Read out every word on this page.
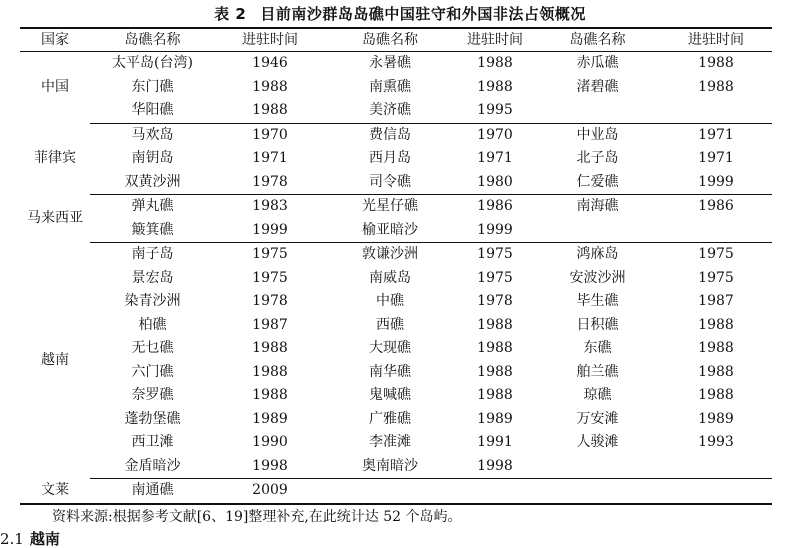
表 2 目前南沙群岛岛礁中国驻守和外国非法占领概况
国家	岛礁名称	进驻时间	岛礁名称	进驻时间	岛礁名称	进驻时间
中国	太平岛(台湾)	1946	永暑礁	1988	赤瓜礁	1988
	东门礁	1988	南熏礁	1988	渚碧礁	1988
	华阳礁	1988	美济礁	1995		
菲律宾	马欢岛	1970	费信岛	1970	中业岛	1971
	南钥岛	1971	西月岛	1971	北子岛	1971
	双黄沙洲	1978	司令礁	1980	仁爱礁	1999
马来西亚	弹丸礁	1983	光星仔礁	1986	南海礁	1986
	簸箕礁	1999	榆亚暗沙	1999		
越南	南子岛	1975	敦谦沙洲	1975	鸿庥岛	1975
	景宏岛	1975	南威岛	1975	安波沙洲	1975
	染青沙洲	1978	中礁	1978	毕生礁	1987
	柏礁	1987	西礁	1988	日积礁	1988
	无乜礁	1988	大现礁	1988	东礁	1988
	六门礁	1988	南华礁	1988	舶兰礁	1988
	奈罗礁	1988	鬼喊礁	1988	琼礁	1988
	蓬勃堡礁	1989	广雅礁	1989	万安滩	1989
	西卫滩	1990	李准滩	1991	人骏滩	1993
	金盾暗沙	1998	奥南暗沙	1998		
文莱	南通礁	2009				
资料来源:根据参考文献[6、19]整理补充,在此统计达 52 个岛屿。
2.1 越南
